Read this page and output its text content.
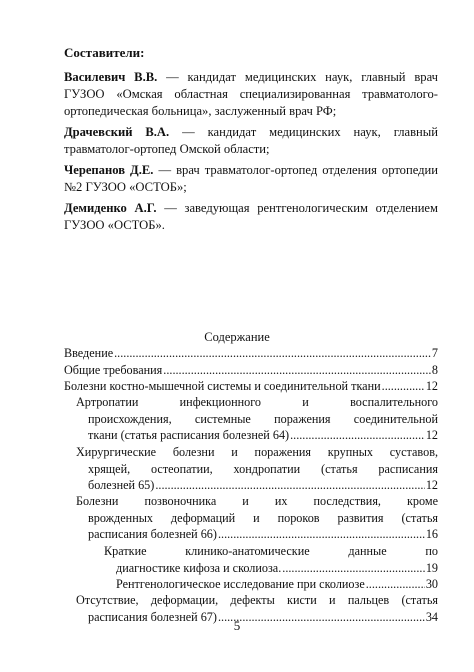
Составители:
Василевич В.В. — кандидат медицинских наук, главный врач ГУЗОО «Омская областная специализированная травматолого-ортопедическая больница», заслуженный врач РФ;
Драчевский В.А. — кандидат медицинских наук, главный травматолог-ортопед Омской области;
Черепанов Д.Е. — врач травматолог-ортопед отделения ортопедии №2 ГУЗОО «ОСТОБ»;
Демиденко А.Г. — заведующая рентгенологическим отделением ГУЗОО «ОСТОБ».
Содержание
Введение .....	7
Общие требования .....	8
Болезни костно-мышечной системы и соединительной ткани .....	12
Артропатии инфекционного и воспалительного
происхождения, системные поражения соединительной
ткани (статья расписания болезней 64) .....	12
Хирургические болезни и поражения крупных суставов,
хрящей, остеопатии, хондропатии (статья расписания
болезней 65) .....	12
Болезни позвоночника и их последствия, кроме
врожденных деформаций и пороков развития (статья
расписания болезней 66) .....	16
Краткие клинико-анатомические данные по
диагностике кифоза и сколиоза. .....	19
Рентгенологическое исследование при сколиозе .....	30
Отсутствие, деформации, дефекты кисти и пальцев (статья
расписания болезней 67) .....	34
5
